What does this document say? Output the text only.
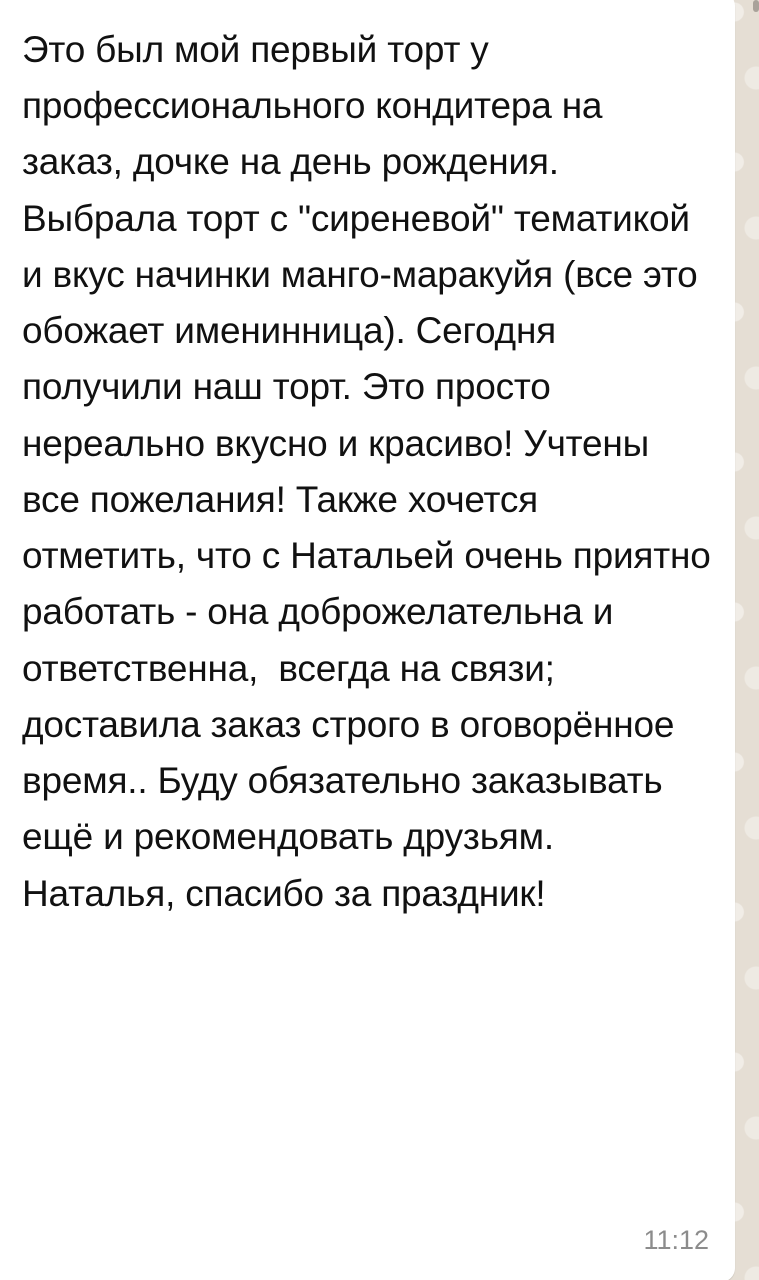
Это был мой первый торт у профессионального кондитера на заказ, дочке на день рождения. Выбрала торт с "сиреневой" тематикой и вкус начинки манго-маракуйя (все это обожает именинница). Сегодня получили наш торт. Это просто нереально вкусно и красиво! Учтены все пожелания! Также хочется отметить, что с Натальей очень приятно работать - она доброжелательна и ответственна,  всегда на связи; доставила заказ строго в оговорённое время.. Буду обязательно заказывать ещё и рекомендовать друзьям. Наталья, спасибо за праздник!
11:12
